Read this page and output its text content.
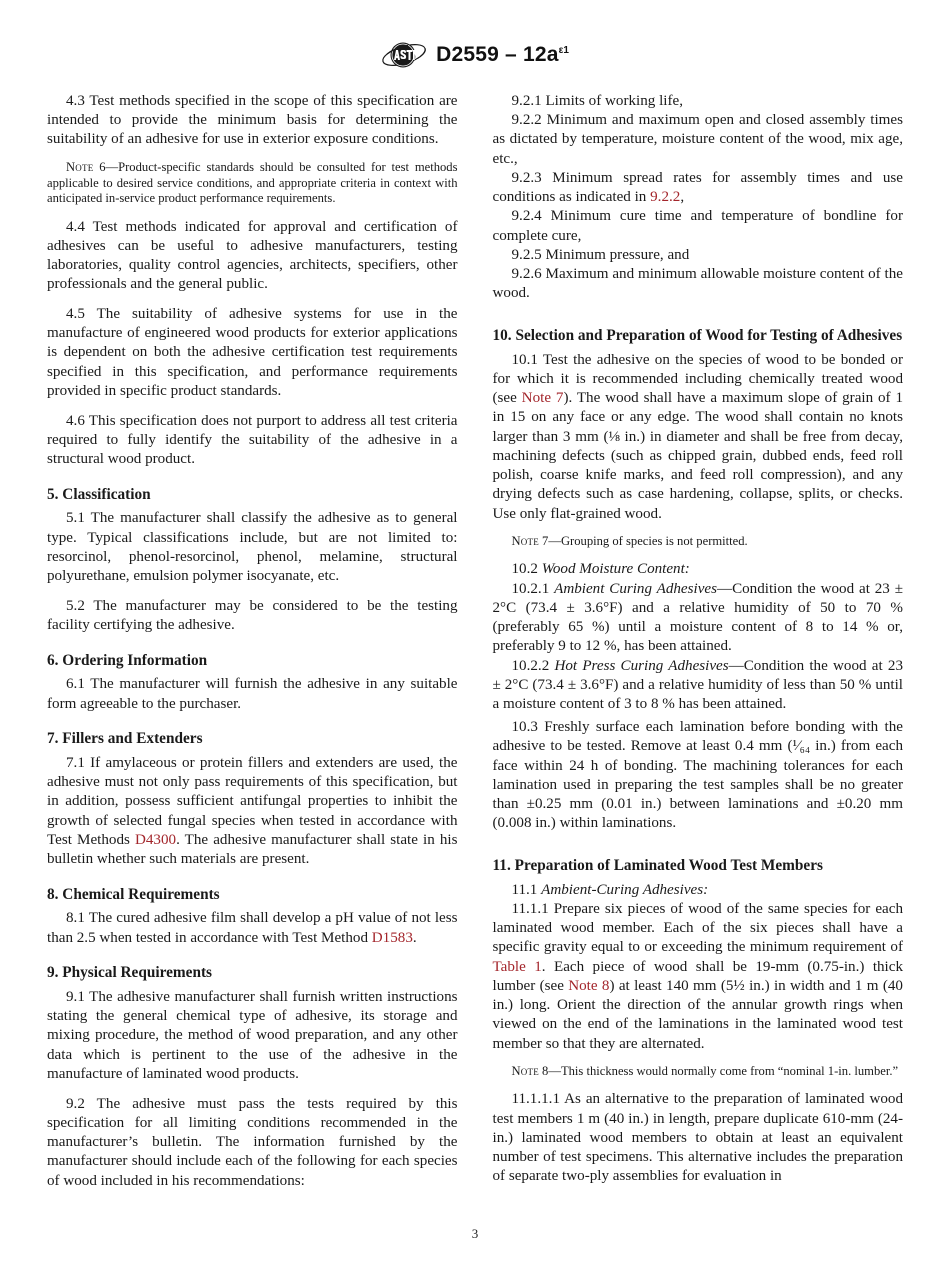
$D2559 - 12a^{\varepsilon 1}$

4.3 Test methods specified in the scope of this specification are intended to provide the minimum basis for determining the suitability of an adhesive for use in exterior exposure conditions.

Note 6—Product-specific standards should be consulted for test methods applicable to desired service conditions, and appropriate criteria in context with anticipated in-service product performance requirements.

4.4 Test methods indicated for approval and certification of adhesives can be useful to adhesive manufacturers, testing laboratories, quality control agencies, architects, specifiers, other professionals and the general public.

4.5 The suitability of adhesive systems for use in the manufacture of engineered wood products for exterior applications is dependent on both the adhesive certification test requirements specified in this specification, and performance requirements provided in specific product standards.

4.6 This specification does not purport to address all test criteria required to fully identify the suitability of the adhesive in a structural wood product.

5. Classification

5.1 The manufacturer shall classify the adhesive as to general type. Typical classifications include, but are not limited to: resorcinol, phenol-resorcinol, phenol, melamine, structural polyurethane, emulsion polymer isocyanate, etc.

5.2 The manufacturer may be considered to be the testing facility certifying the adhesive.

6. Ordering Information

6.1 The manufacturer will furnish the adhesive in any suitable form agreeable to the purchaser.

7. Fillers and Extenders

7.1 If amylaceous or protein fillers and extenders are used, the adhesive must not only pass requirements of this specification, but in addition, possess sufficient antifungal properties to inhibit the growth of selected fungal species when tested in accordance with Test Methods D4300. The adhesive manufacturer shall state in his bulletin whether such materials are present.

8. Chemical Requirements

8.1 The cured adhesive film shall develop a pH value of not less than 2.5 when tested in accordance with Test Method D1583.

9. Physical Requirements

9.1 The adhesive manufacturer shall furnish written instructions stating the general chemical type of adhesive, its storage and mixing procedure, the method of wood preparation, and any other data which is pertinent to the use of the adhesive in the manufacture of laminated wood products.

9.2 The adhesive must pass the tests required by this specification for all limiting conditions recommended in the manufacturer’s bulletin. The information furnished by the manufacturer should include each of the following for each species of wood included in his recommendations:

9.2.1 Limits of working life,

9.2.2 Minimum and maximum open and closed assembly times as dictated by temperature, moisture content of the wood, mix age, etc.,

9.2.3 Minimum spread rates for assembly times and use conditions as indicated in 9.2.2,

9.2.4 Minimum cure time and temperature of bondline for complete cure,

9.2.5 Minimum pressure, and

9.2.6 Maximum and minimum allowable moisture content of the wood.

10. Selection and Preparation of Wood for Testing of Adhesives

10.1 Test the adhesive on the species of wood to be bonded or for which it is recommended including chemically treated wood (see Note 7). The wood shall have a maximum slope of grain of 1 in 15 on any face or any edge. The wood shall contain no knots larger than 3 mm (⅛ in.) in diameter and shall be free from decay, machining defects (such as chipped grain, dubbed ends, feed roll polish, coarse knife marks, and feed roll compression), and any drying defects such as case hardening, collapse, splits, or checks. Use only flat-grained wood.

Note 7—Grouping of species is not permitted.

10.2 Wood Moisture Content:

10.2.1 Ambient Curing Adhesives—Condition the wood at 23 ± 2°C (73.4 ± 3.6°F) and a relative humidity of 50 to 70 % (preferably 65 %) until a moisture content of 8 to 14 % or, preferably 9 to 12 %, has been attained.

10.2.2 Hot Press Curing Adhesives—Condition the wood at 23 ± 2°C (73.4 ± 3.6°F) and a relative humidity of less than 50 % until a moisture content of 3 to 8 % has been attained.

10.3 Freshly surface each lamination before bonding with the adhesive to be tested. Remove at least 0.4 mm (¹⁄₆₄ in.) from each face within 24 h of bonding. The machining tolerances for each lamination used in preparing the test samples shall be no greater than ±0.25 mm (0.01 in.) between laminations and ±0.20 mm (0.008 in.) within laminations.

11. Preparation of Laminated Wood Test Members

11.1 Ambient-Curing Adhesives:

11.1.1 Prepare six pieces of wood of the same species for each laminated wood member. Each of the six pieces shall have a specific gravity equal to or exceeding the minimum requirement of Table 1. Each piece of wood shall be 19-mm (0.75-in.) thick lumber (see Note 8) at least 140 mm (5½ in.) in width and 1 m (40 in.) long. Orient the direction of the annular growth rings when viewed on the end of the laminations in the laminated wood test member so that they are alternated.

Note 8—This thickness would normally come from “nominal 1-in. lumber.”

11.1.1.1 As an alternative to the preparation of laminated wood test members 1 m (40 in.) in length, prepare duplicate 610-mm (24-in.) laminated wood members to obtain at least an equivalent number of test specimens. This alternative includes the preparation of separate two-ply assemblies for evaluation in

3
